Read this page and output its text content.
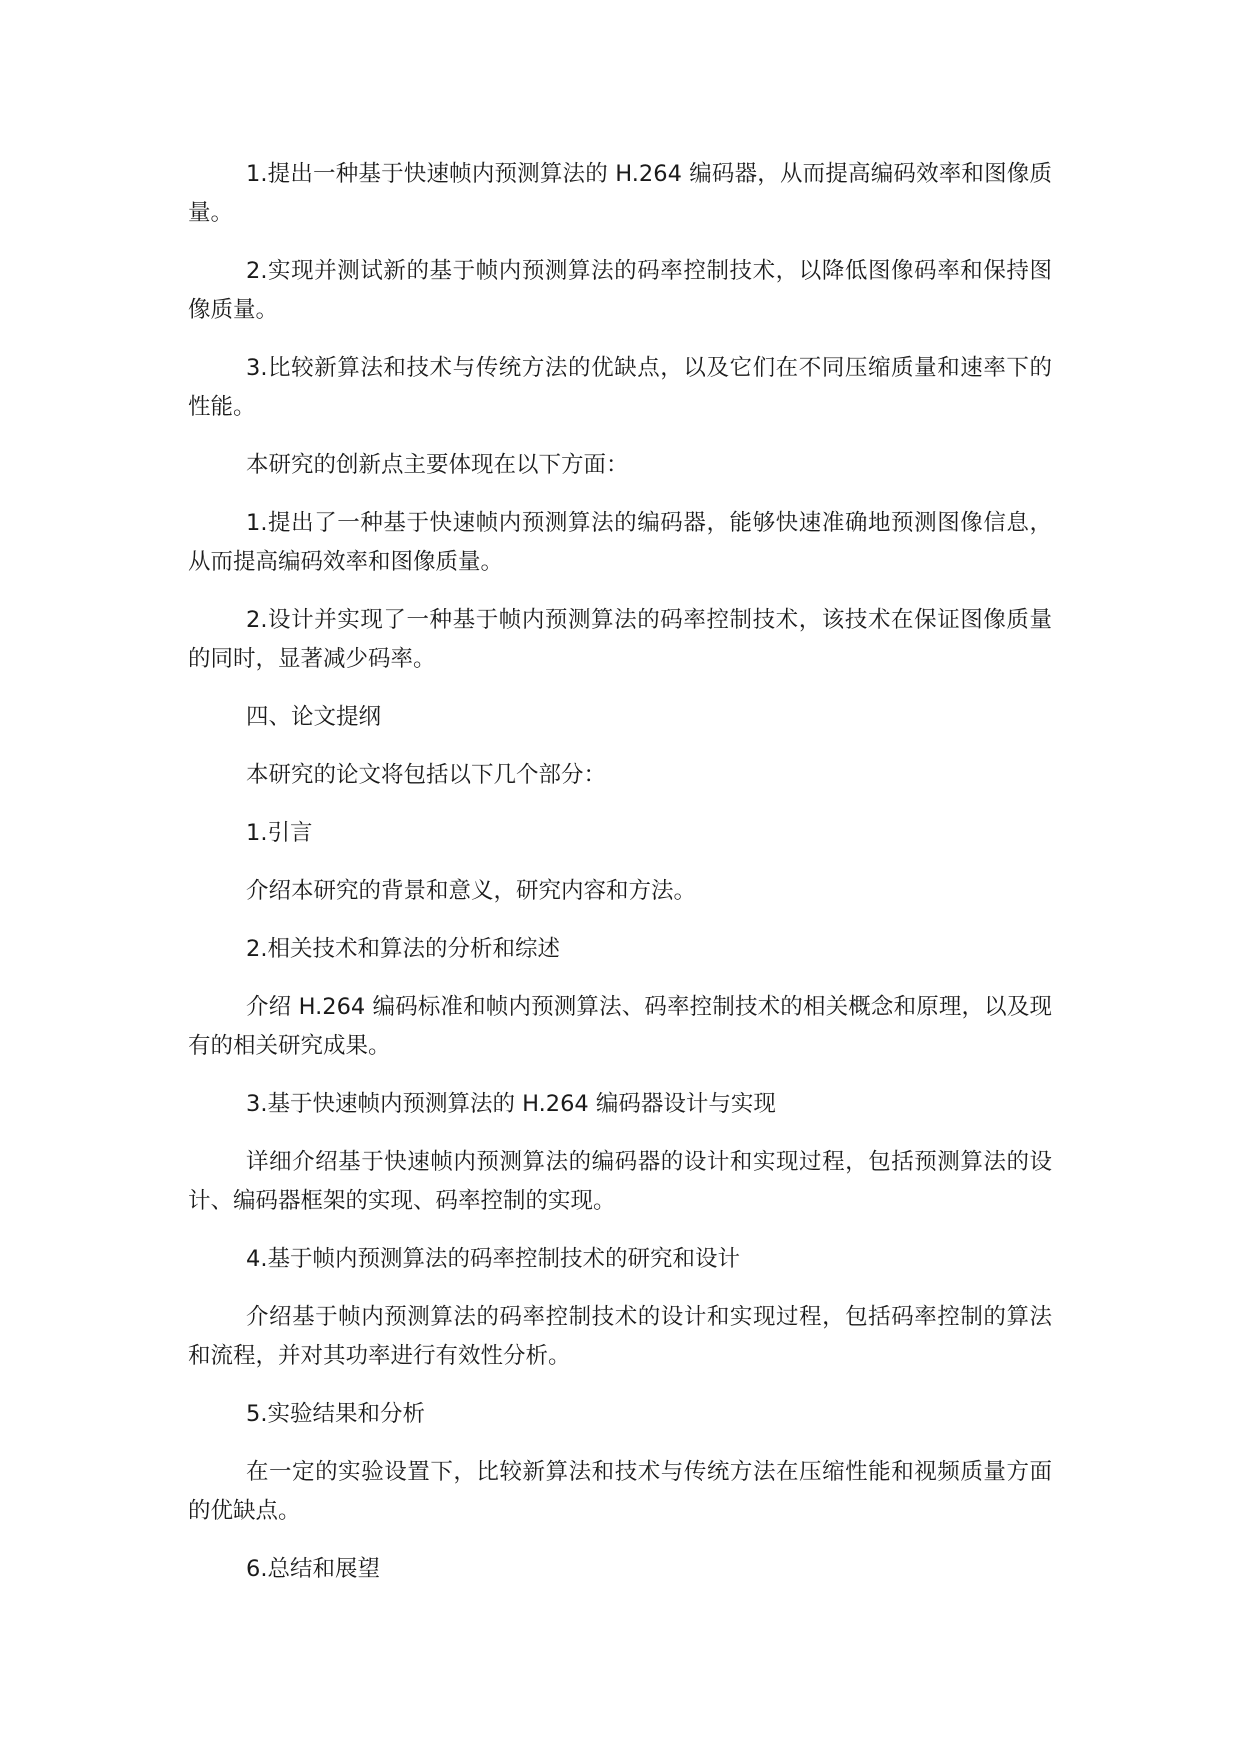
1.提出一种基于快速帧内预测算法的 H.264 编码器，从而提高编码效率和图像质量。

2.实现并测试新的基于帧内预测算法的码率控制技术，以降低图像码率和保持图像质量。

3.比较新算法和技术与传统方法的优缺点，以及它们在不同压缩质量和速率下的性能。

本研究的创新点主要体现在以下方面：

1.提出了一种基于快速帧内预测算法的编码器，能够快速准确地预测图像信息，从而提高编码效率和图像质量。

2.设计并实现了一种基于帧内预测算法的码率控制技术，该技术在保证图像质量的同时，显著减少码率。

四、论文提纲

本研究的论文将包括以下几个部分：

1.引言

介绍本研究的背景和意义，研究内容和方法。

2.相关技术和算法的分析和综述

介绍 H.264 编码标准和帧内预测算法、码率控制技术的相关概念和原理，以及现有的相关研究成果。

3.基于快速帧内预测算法的 H.264 编码器设计与实现

详细介绍基于快速帧内预测算法的编码器的设计和实现过程，包括预测算法的设计、编码器框架的实现、码率控制的实现。

4.基于帧内预测算法的码率控制技术的研究和设计

介绍基于帧内预测算法的码率控制技术的设计和实现过程，包括码率控制的算法和流程，并对其功率进行有效性分析。

5.实验结果和分析

在一定的实验设置下，比较新算法和技术与传统方法在压缩性能和视频质量方面的优缺点。

6.总结和展望
